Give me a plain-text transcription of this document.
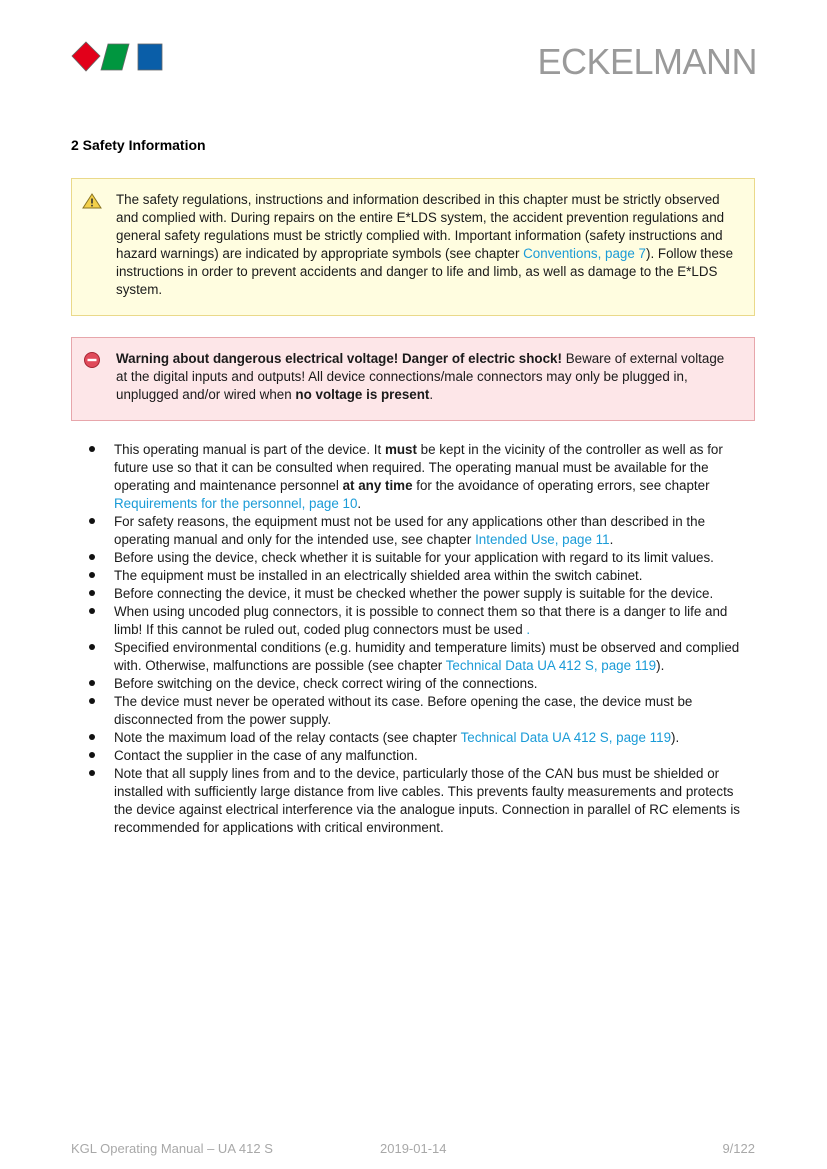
ECKELMANN
2 Safety Information
The safety regulations, instructions and information described in this chapter must be strictly observed and complied with. During repairs on the entire E*LDS system, the accident prevention regulations and general safety regulations must be strictly complied with. Important information (safety instructions and hazard warnings) are indicated by appropriate symbols (see chapter Conventions, page 7). Follow these instructions in order to prevent accidents and danger to life and limb, as well as damage to the E*LDS system.
Warning about dangerous electrical voltage! Danger of electric shock! Beware of external voltage at the digital inputs and outputs! All device connections/male connectors may only be plugged in, unplugged and/or wired when no voltage is present.
This operating manual is part of the device. It must be kept in the vicinity of the controller as well as for future use so that it can be consulted when required. The operating manual must be available for the operating and maintenance personnel at any time for the avoidance of operating errors, see chapter Requirements for the personnel, page 10.
For safety reasons, the equipment must not be used for any applications other than described in the operating manual and only for the intended use, see chapter Intended Use, page 11.
Before using the device, check whether it is suitable for your application with regard to its limit values.
The equipment must be installed in an electrically shielded area within the switch cabinet.
Before connecting the device, it must be checked whether the power supply is suitable for the device.
When using uncoded plug connectors, it is possible to connect them so that there is a danger to life and limb! If this cannot be ruled out, coded plug connectors must be used .
Specified environmental conditions (e.g. humidity and temperature limits) must be observed and complied with. Otherwise, malfunctions are possible (see chapter Technical Data UA 412 S, page 119).
Before switching on the device, check correct wiring of the connections.
The device must never be operated without its case. Before opening the case, the device must be disconnected from the power supply.
Note the maximum load of the relay contacts (see chapter Technical Data UA 412 S, page 119).
Contact the supplier in the case of any malfunction.
Note that all supply lines from and to the device, particularly those of the CAN bus must be shielded or installed with sufficiently large distance from live cables. This prevents faulty measurements and protects the device against electrical interference via the analogue inputs. Connection in parallel of RC elements is recommended for applications with critical environment.
KGL Operating Manual – UA 412 S	2019-01-14	9/122
